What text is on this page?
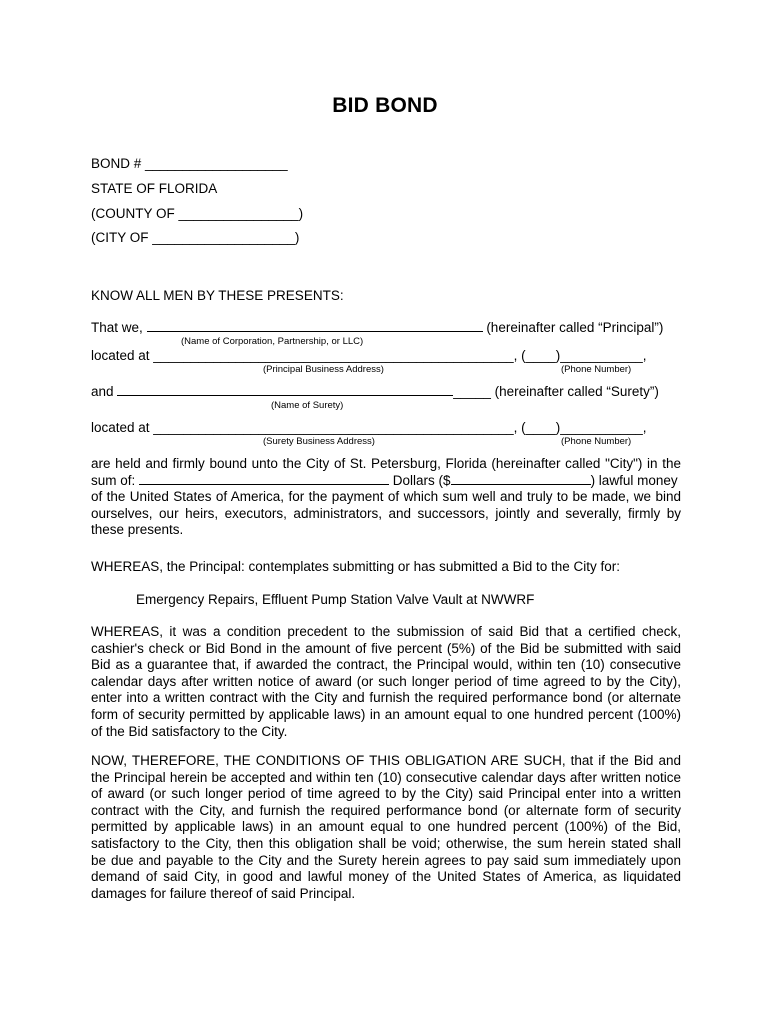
BID BOND
BOND # ___________________
STATE OF FLORIDA
(COUNTY OF ________________)
(CITY OF ___________________)
KNOW ALL MEN BY THESE PRESENTS:
That we,	(hereinafter called “Principal”)
(Name of Corporation, Partnership, or LLC)
located at ________________________________________________, (____)___________,
(Principal Business Address)	(Phone Number)
and	_____ (hereinafter called “Surety”)
(Name of Surety)
located at ________________________________________________, (____)___________,
(Surety Business Address)	(Phone Number)
are held and firmly bound unto the City of St. Petersburg, Florida (hereinafter called "City") in the
sum of:	Dollars ($	) lawful money
of the United States of America, for the payment of which sum well and truly to be made, we bind
ourselves, our heirs, executors, administrators, and successors, jointly and severally, firmly by
these presents.
WHEREAS, the Principal: contemplates submitting or has submitted a Bid to the City for:
Emergency Repairs, Effluent Pump Station Valve Vault at NWWRF
WHEREAS, it was a condition precedent to the submission of said Bid that a certified check,
cashier's check or Bid Bond in the amount of five percent (5%) of the Bid be submitted with said
Bid as a guarantee that, if awarded the contract, the Principal would, within ten (10) consecutive
calendar days after written notice of award (or such longer period of time agreed to by the City),
enter into a written contract with the City and furnish the required performance bond (or alternate
form of security permitted by applicable laws) in an amount equal to one hundred percent (100%)
of the Bid satisfactory to the City.
NOW, THEREFORE, THE CONDITIONS OF THIS OBLIGATION ARE SUCH, that if the Bid and
the Principal herein be accepted and within ten (10) consecutive calendar days after written notice
of award (or such longer period of time agreed to by the City) said Principal enter into a written
contract with the City, and furnish the required performance bond (or alternate form of security
permitted by applicable laws) in an amount equal to one hundred percent (100%) of the Bid,
satisfactory to the City, then this obligation shall be void; otherwise, the sum herein stated shall
be due and payable to the City and the Surety herein agrees to pay said sum immediately upon
demand of said City, in good and lawful money of the United States of America, as liquidated
damages for failure thereof of said Principal.
